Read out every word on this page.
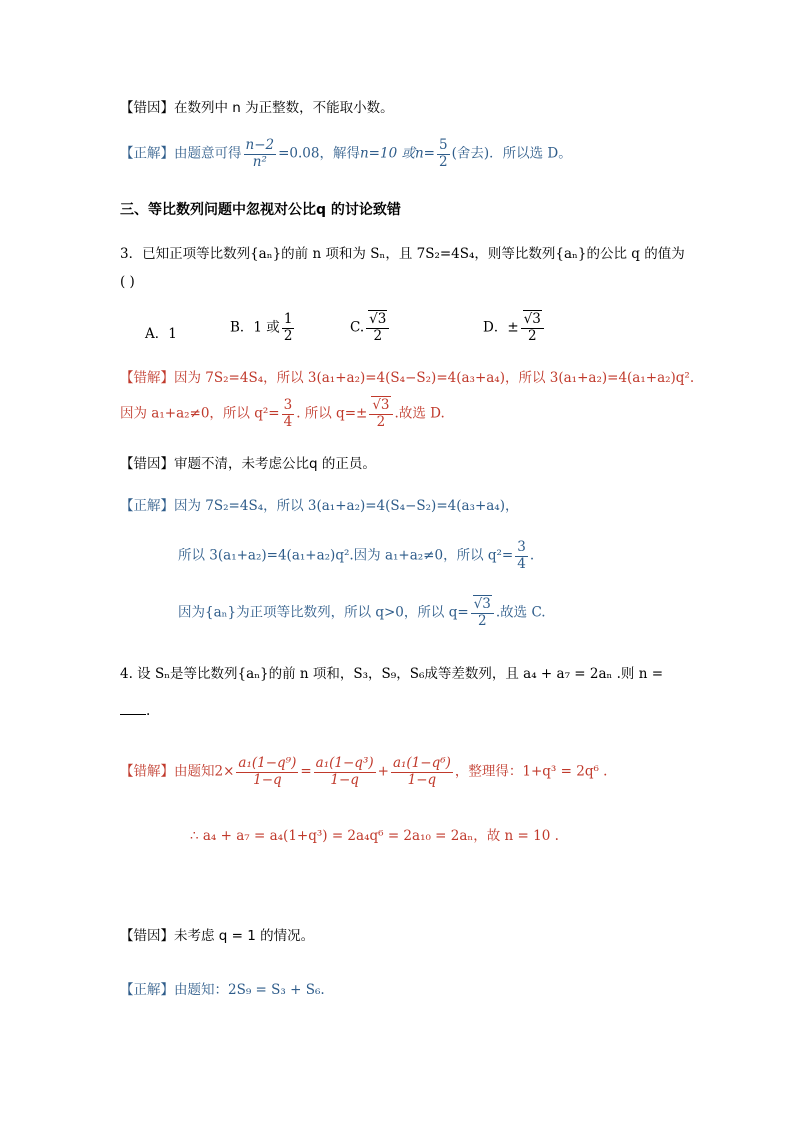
【错因】在数列中 n 为正整数，不能取小数。
【正解】由题意可得 $\frac{n-2}{\text{n²}} =0.08$，解得n=10 或$n= \frac{5}{2}$ (舍去)．所以选 D。
三、等比数列问题中忽视对公比q 的讨论致错
3．已知正项等比数列{aₙ}的前 n 项和为 Sₙ，且 7S₂=4S₄，则等比数列{aₙ}的公比 q 的值为
( )
A．1	B．1 或 $\frac{1}{2}$	C. $\frac{√3}{2}$	D．± $\frac{√3}{2}$
【错解】因为 7S₂=4S₄，所以 3(a₁+a₂)=4(S₄−S₂)=4(a₃+a₄)，所以 3(a₁+a₂)=4(a₁+a₂)q².
因为 a₁+a₂≠0，所以 $q^2= \frac{3}{4}$ . 所以 $q=\pm \frac{√3}{2}$ .故选 D.
【错因】审题不清，未考虑公比q 的正员。
【正解】因为 7S₂=4S₄，所以 3(a₁+a₂)=4(S₄−S₂)=4(a₃+a₄)，
所以 3(a₁+a₂)=4(a₁+a₂)q².因为 a₁+a₂≠0，所以 $q^2= \frac{3}{4}$ .
因为{aₙ}为正项等比数列，所以 q>0，所以 $q= \frac{√3}{2}$ .故选 C.
4. 设 Sₙ是等比数列{aₙ}的前 n 项和，S₃，S₉，S₆成等差数列，且 a₄ + a₇ = 2aₙ .则 n =
.
【错解】由题知$2\times \frac{\text{a₁(1−q⁹)}}{1-q} = \frac{\text{a₁(1−q³)}}{1-q} + \frac{\text{a₁(1−q⁶)}}{1-q}$ ，整理得：1+q³ = 2q⁶ .
∴ a₄ + a₇ = a₄(1+q³) = 2a₄q⁶ = 2a₁₀ = 2aₙ，故 n = 10 .
【错因】未考虑 q = 1 的情况。
【正解】由题知：2S₉ = S₃ + S₆.
